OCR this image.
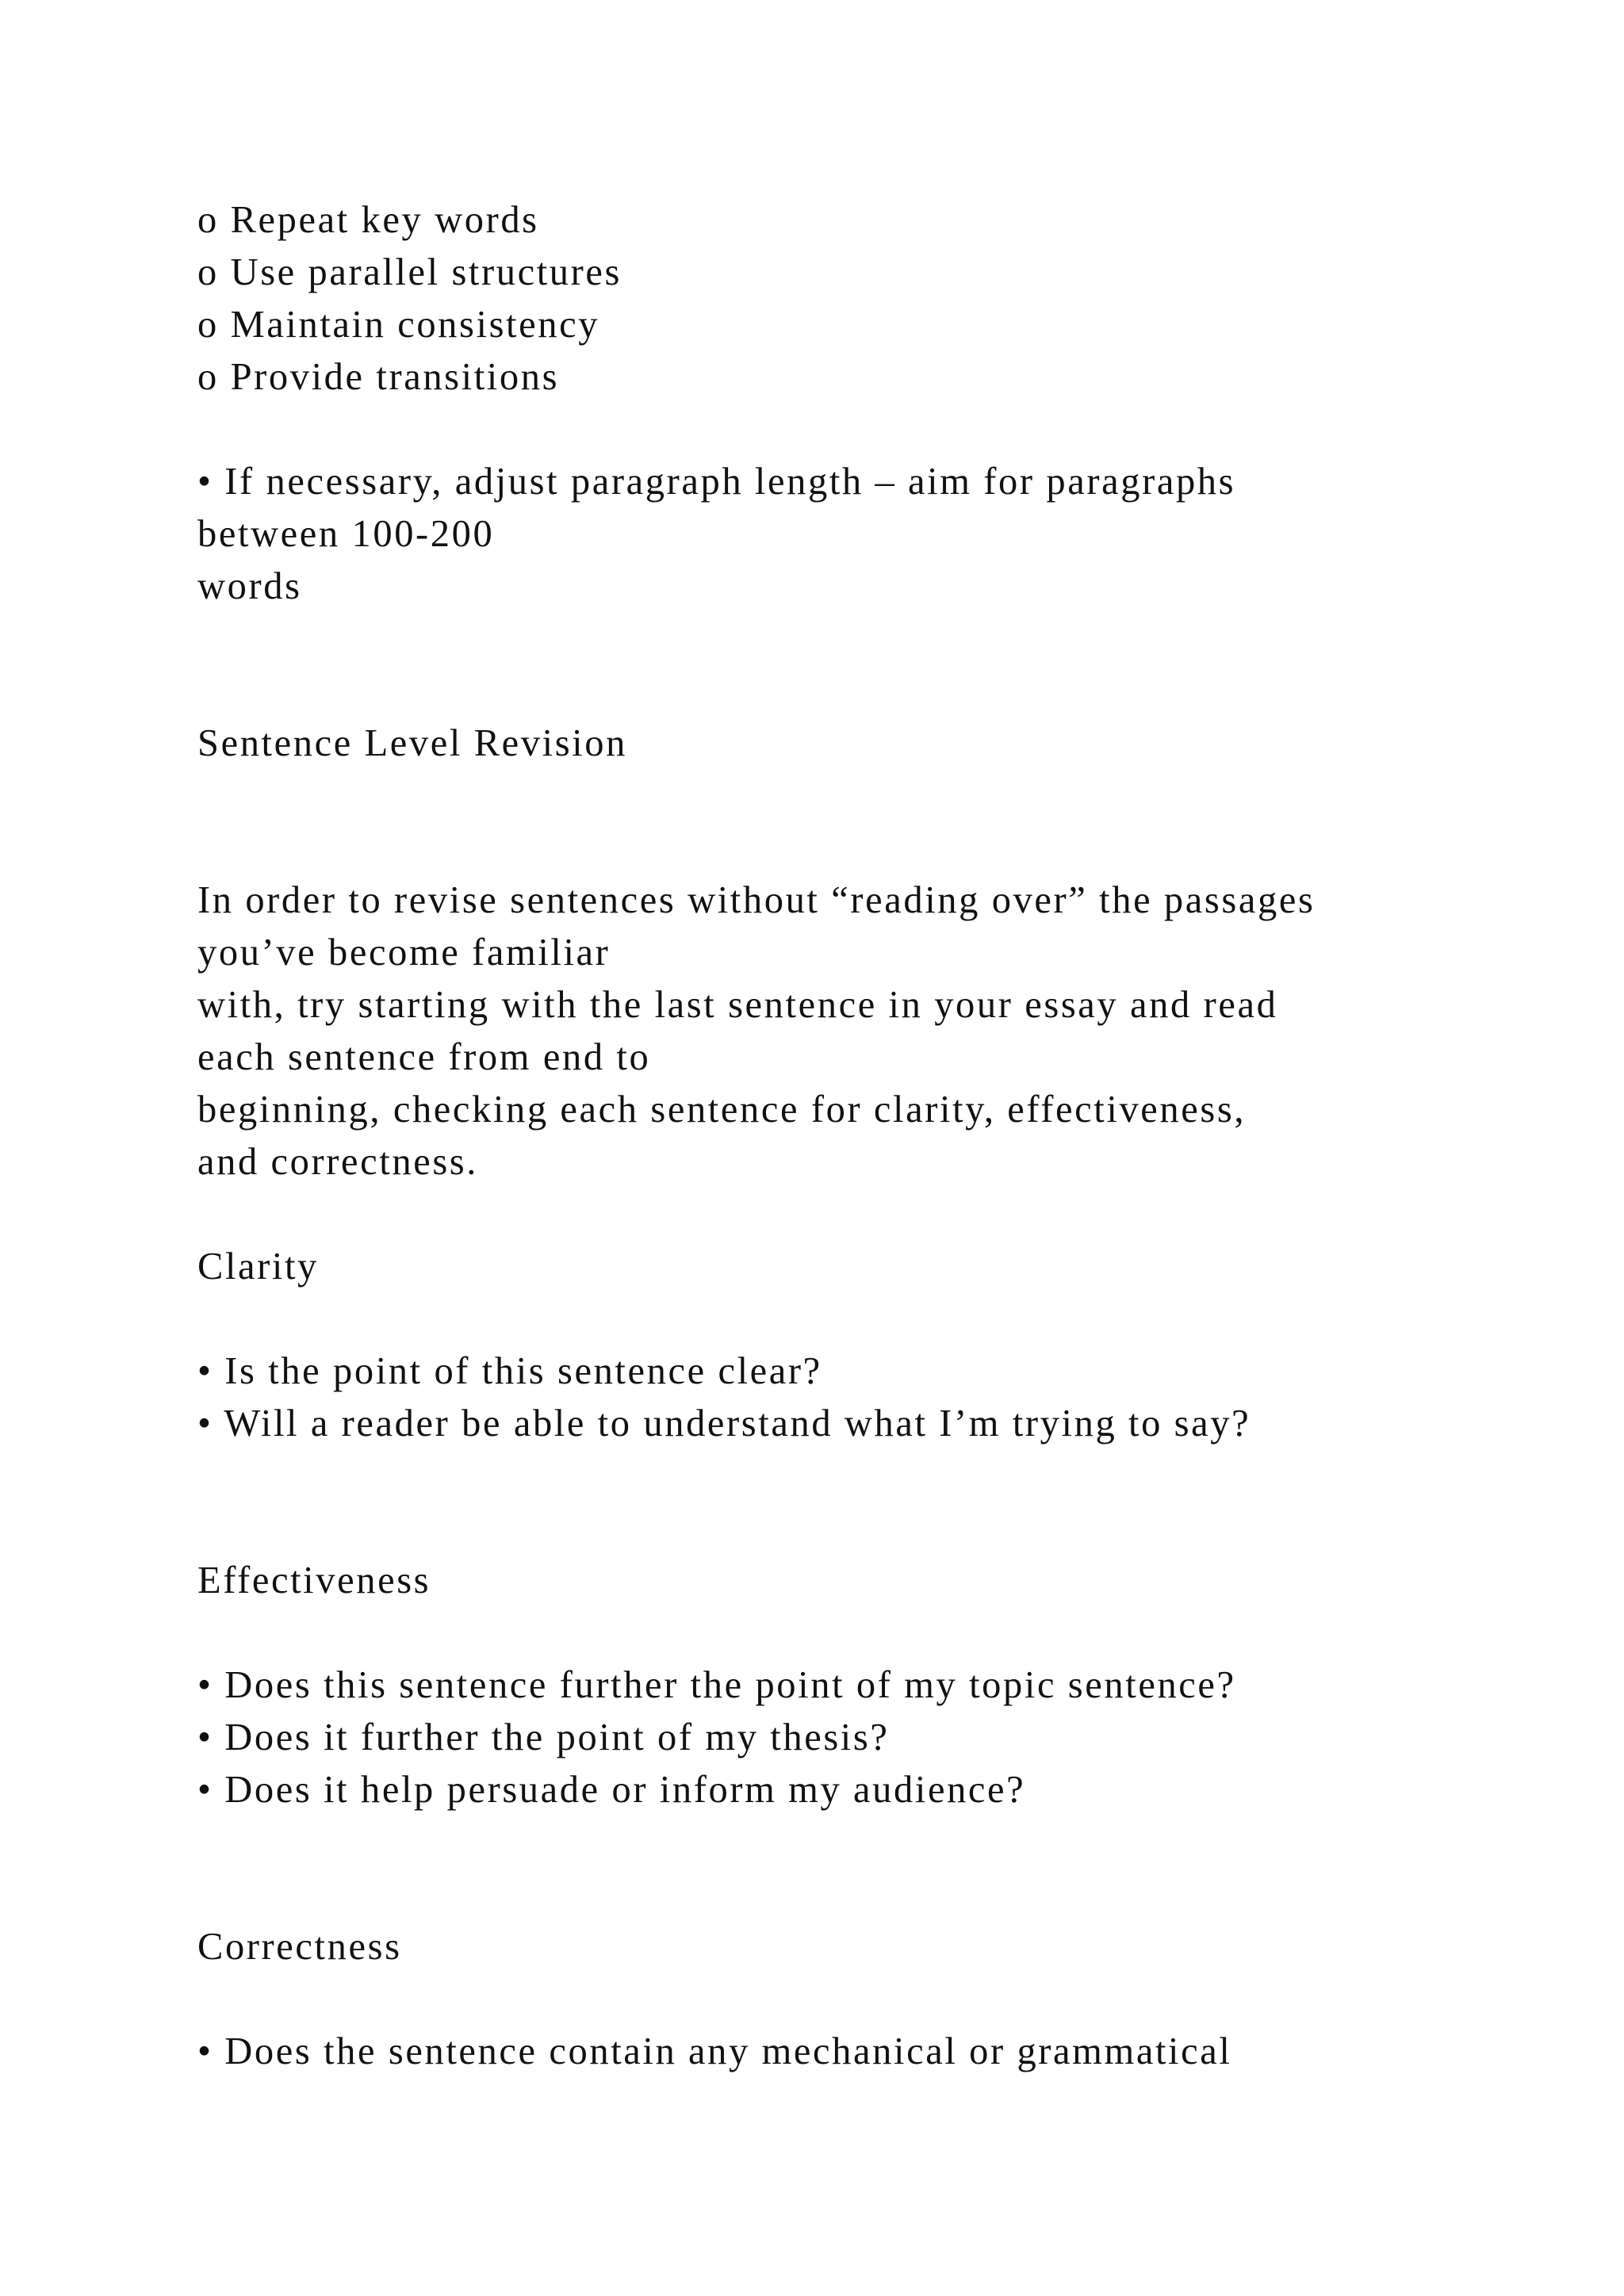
o Repeat key words
o Use parallel structures
o Maintain consistency
o Provide transitions
• If necessary, adjust paragraph length – aim for paragraphs
between 100-200
words
Sentence Level Revision
In order to revise sentences without “reading over” the passages
you’ve become familiar
with, try starting with the last sentence in your essay and read
each sentence from end to
beginning, checking each sentence for clarity, effectiveness,
and correctness.
Clarity
• Is the point of this sentence clear?
• Will a reader be able to understand what I’m trying to say?
Effectiveness
• Does this sentence further the point of my topic sentence?
• Does it further the point of my thesis?
• Does it help persuade or inform my audience?
Correctness
• Does the sentence contain any mechanical or grammatical
